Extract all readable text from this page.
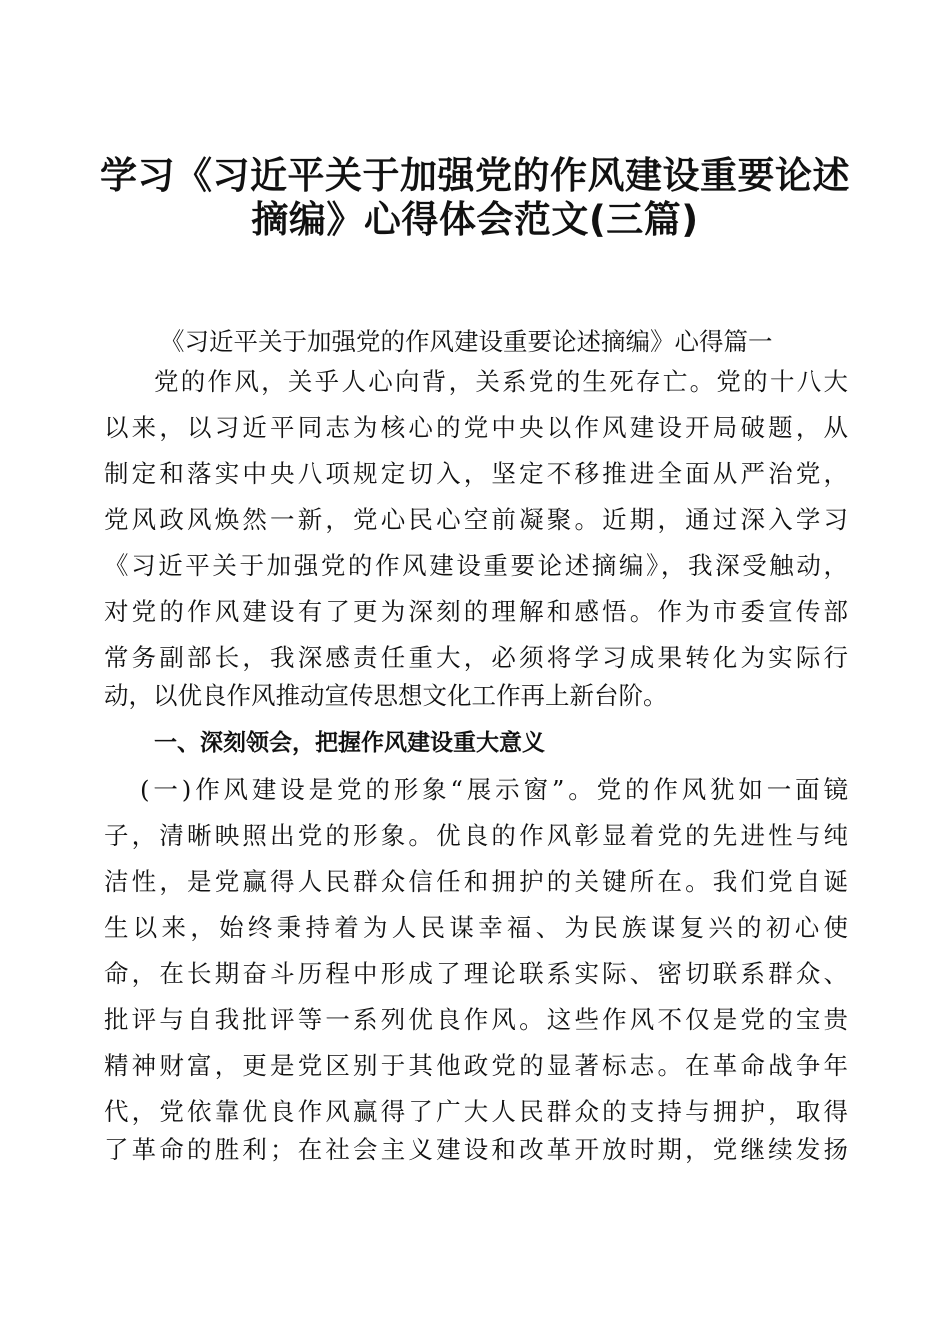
学习《习近平关于加强党的作风建设重要论述
摘编》心得体会范文(三篇)

《习近平关于加强党的作风建设重要论述摘编》心得篇一

党的作风，关乎人心向背，关系党的生死存亡。党的十八大

以来，以习近平同志为核心的党中央以作风建设开局破题，从

制定和落实中央八项规定切入，坚定不移推进全面从严治党，

党风政风焕然一新，党心民心空前凝聚。近期，通过深入学习

《习近平关于加强党的作风建设重要论述摘编》，我深受触动，

对党的作风建设有了更为深刻的理解和感悟。作为市委宣传部

常务副部长，我深感责任重大，必须将学习成果转化为实际行

动，以优良作风推动宣传思想文化工作再上新台阶。

一、深刻领会，把握作风建设重大意义

(一)作风建设是党的形象“展示窗”。党的作风犹如一面镜

子，清晰映照出党的形象。优良的作风彰显着党的先进性与纯

洁性，是党赢得人民群众信任和拥护的关键所在。我们党自诞

生以来，始终秉持着为人民谋幸福、为民族谋复兴的初心使

命，在长期奋斗历程中形成了理论联系实际、密切联系群众、

批评与自我批评等一系列优良作风。这些作风不仅是党的宝贵

精神财富，更是党区别于其他政党的显著标志。在革命战争年

代，党依靠优良作风赢得了广大人民群众的支持与拥护，取得

了革命的胜利；在社会主义建设和改革开放时期，党继续发扬
